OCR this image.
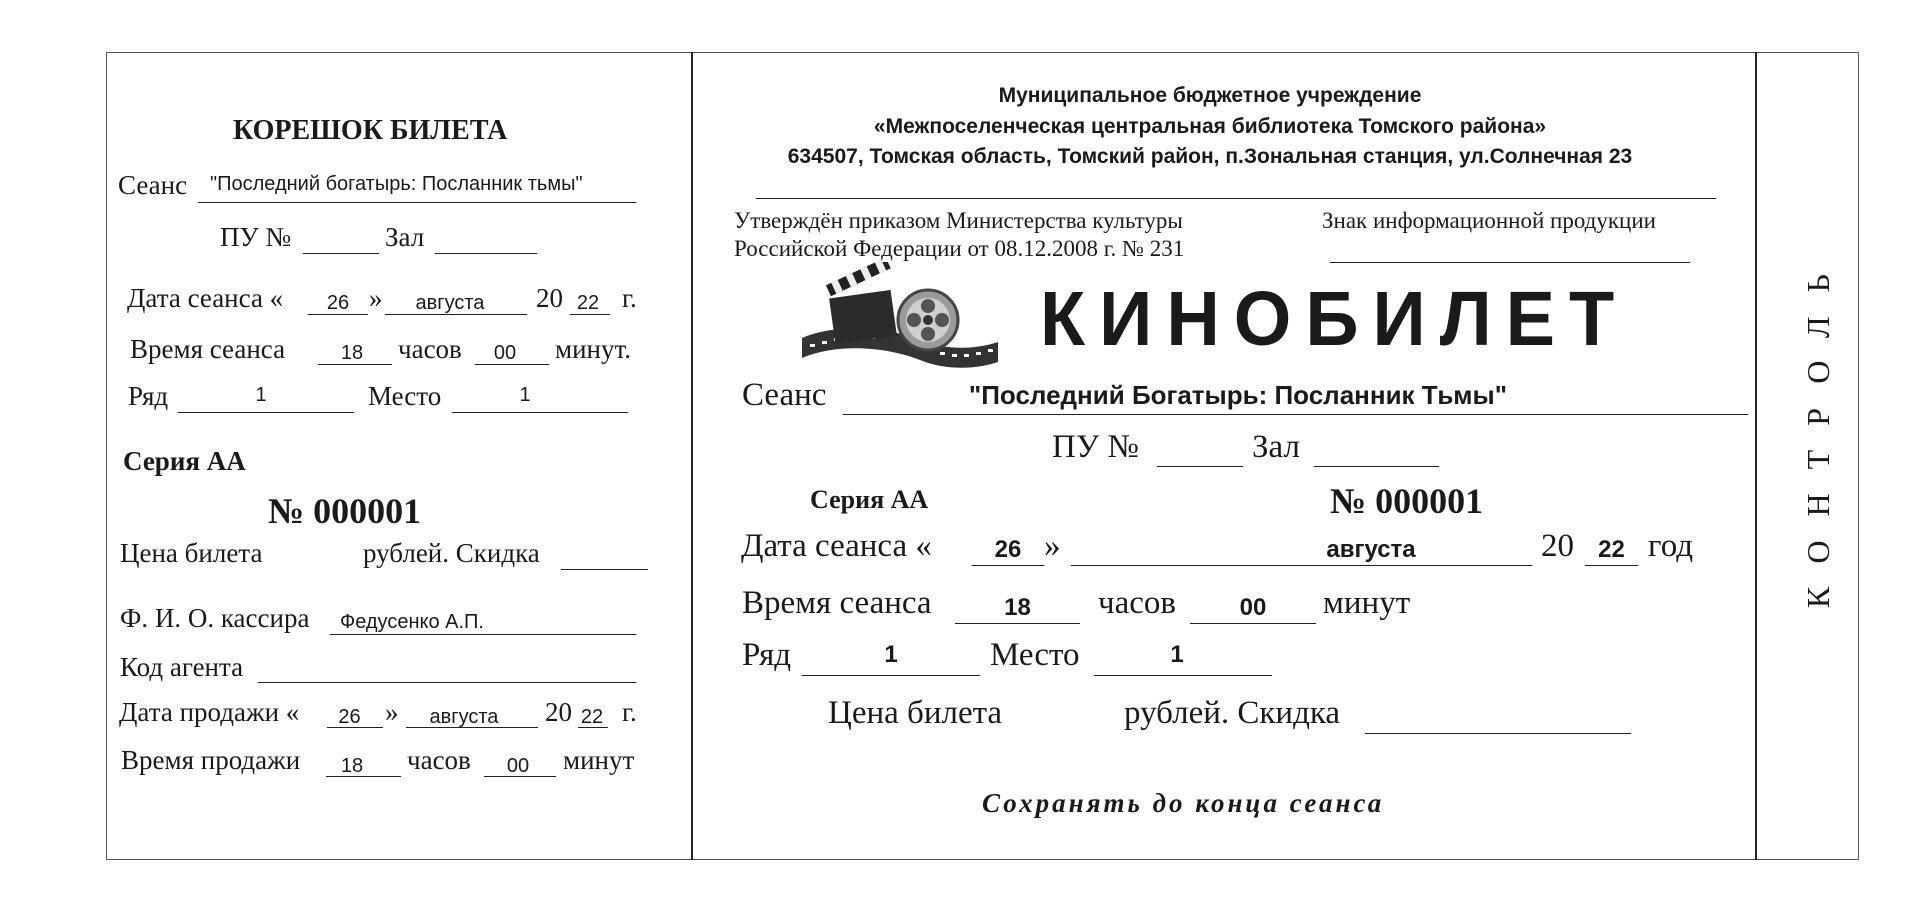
КОРЕШОК БИЛЕТА
Сеанс	"Последний богатырь: Посланник тьмы"
ПУ №	Зал
Дата сеанса «	26 »	августа	20 22 г.
Время сеанса	18	часов	00	минут.
Ряд	1	Место	1
Серия АА
№ 000001
Цена билета	рублей. Скидка
Ф. И. О. кассира	Федусенко А.П.
Код агента
Дата продажи «	26 »	августа	20 22 г.
Время продажи	18	часов	00	минут
Муниципальное бюджетное учреждение
«Межпоселенческая центральная библиотека Томского района»
634507, Томская область, Томский район, п.Зональная станция, ул.Солнечная 23
Утверждён приказом Министерства культуры
Российской Федерации от 08.12.2008 г. № 231
Знак информационной продукции
КИНОБИЛЕТ
Сеанс	"Последний Богатырь: Посланник Тьмы"
ПУ №	Зал
Серия АА	№ 000001
Дата сеанса «	26 »	августа	20	22 год
Время сеанса	18	часов	00	минут
Ряд	1	Место	1
Цена билета	рублей. Скидка
Сохранять до конца сеанса
КОНТРОЛЬ
